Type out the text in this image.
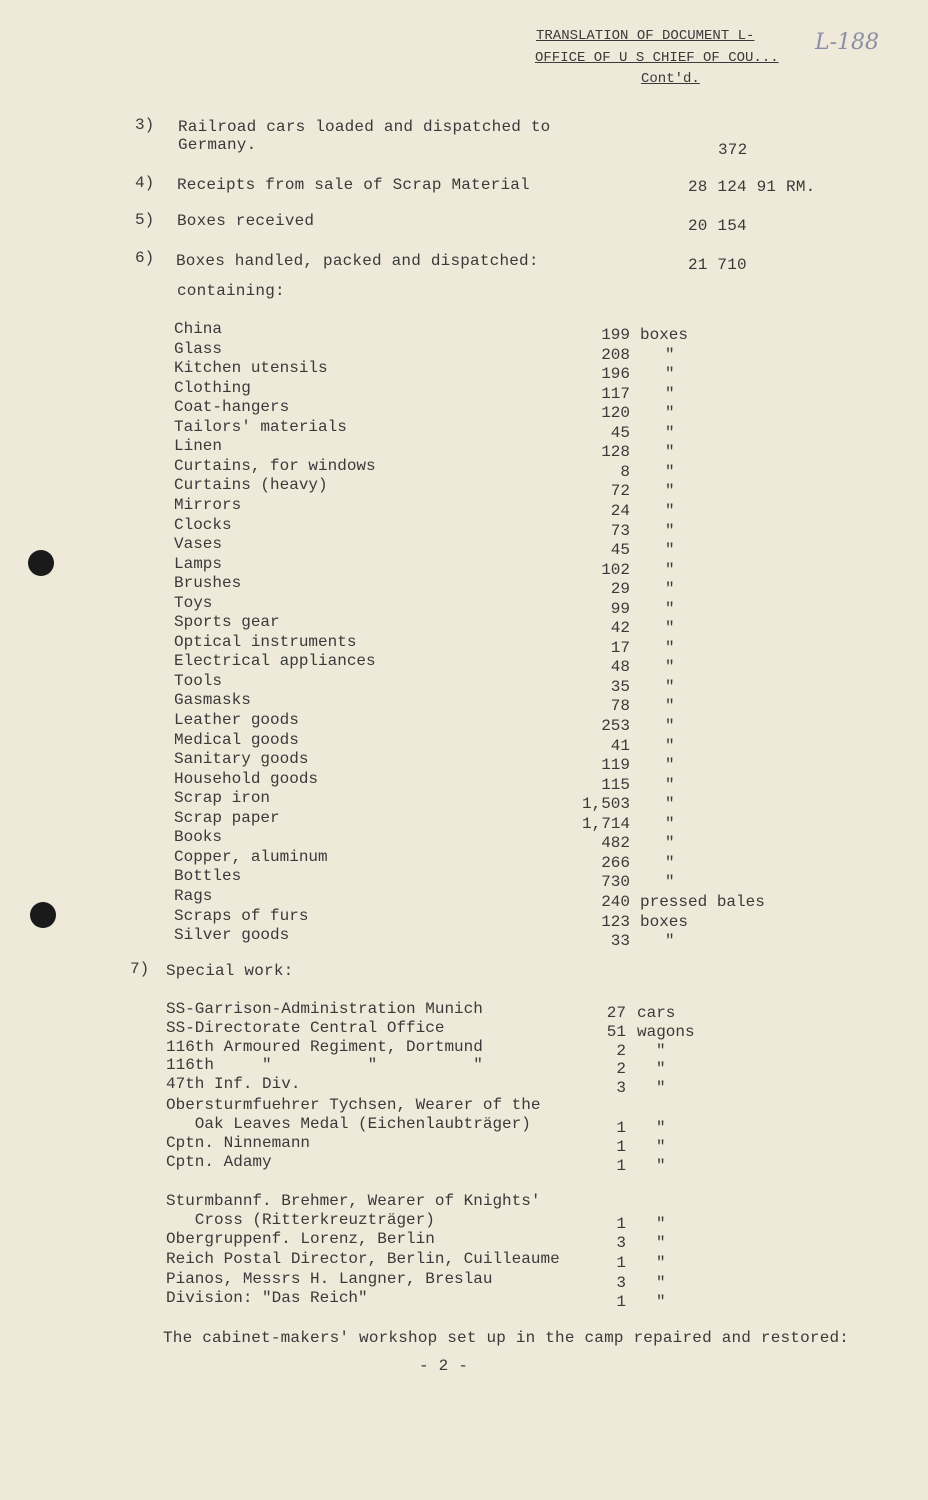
TRANSLATION OF DOCUMENT L-
OFFICE OF U S CHIEF OF COU...
Cont'd.
L-188
3) Railroad cars loaded and dispatched to
Germany.	372
4) Receipts from sale of Scrap Material	28 124 91 RM.
5) Boxes received	20 154
6) Boxes handled, packed and dispatched:	21 710
containing:
China	199 boxes
Glass	208 "
Kitchen utensils	196 "
Clothing	117 "
Coat-hangers	120 "
Tailors' materials	45 "
Linen	128 "
Curtains, for windows	8 "
Curtains (heavy)	72 "
Mirrors	24 "
Clocks	73 "
Vases	45 "
Lamps	102 "
Brushes	29 "
Toys	99 "
Sports gear	42 "
Optical instruments	17 "
Electrical appliances	48 "
Tools	35 "
Gasmasks	78 "
Leather goods	253 "
Medical goods	41 "
Sanitary goods	119 "
Household goods	115 "
Scrap iron	1,503 "
Scrap paper	1,714 "
Books	482 "
Copper, aluminum	266 "
Bottles	730 "
Rags	240 pressed bales
Scraps of furs	123 boxes
Silver goods	33 "
7) Special work:
SS-Garrison-Administration Munich	27 cars
SS-Directorate Central Office	51 wagons
116th Armoured Regiment, Dortmund	2 "
116th     "          "          "	2 "
47th Inf. Div.	3 "
Obersturmfuehrer Tychsen, Wearer of the
Oak Leaves Medal (Eichenlaubträger)	1 "
Cptn. Ninnemann	1 "
Cptn. Adamy	1 "
Sturmbannf. Brehmer, Wearer of Knights'
Cross (Ritterkreuzträger)	1 "
Obergruppenf. Lorenz, Berlin	3 "
Reich Postal Director, Berlin, Cuilleaume	1 "
Pianos, Messrs H. Langner, Breslau	3 "
Division: "Das Reich"	1 "
The cabinet-makers' workshop set up in the camp repaired and restored:
- 2 -
